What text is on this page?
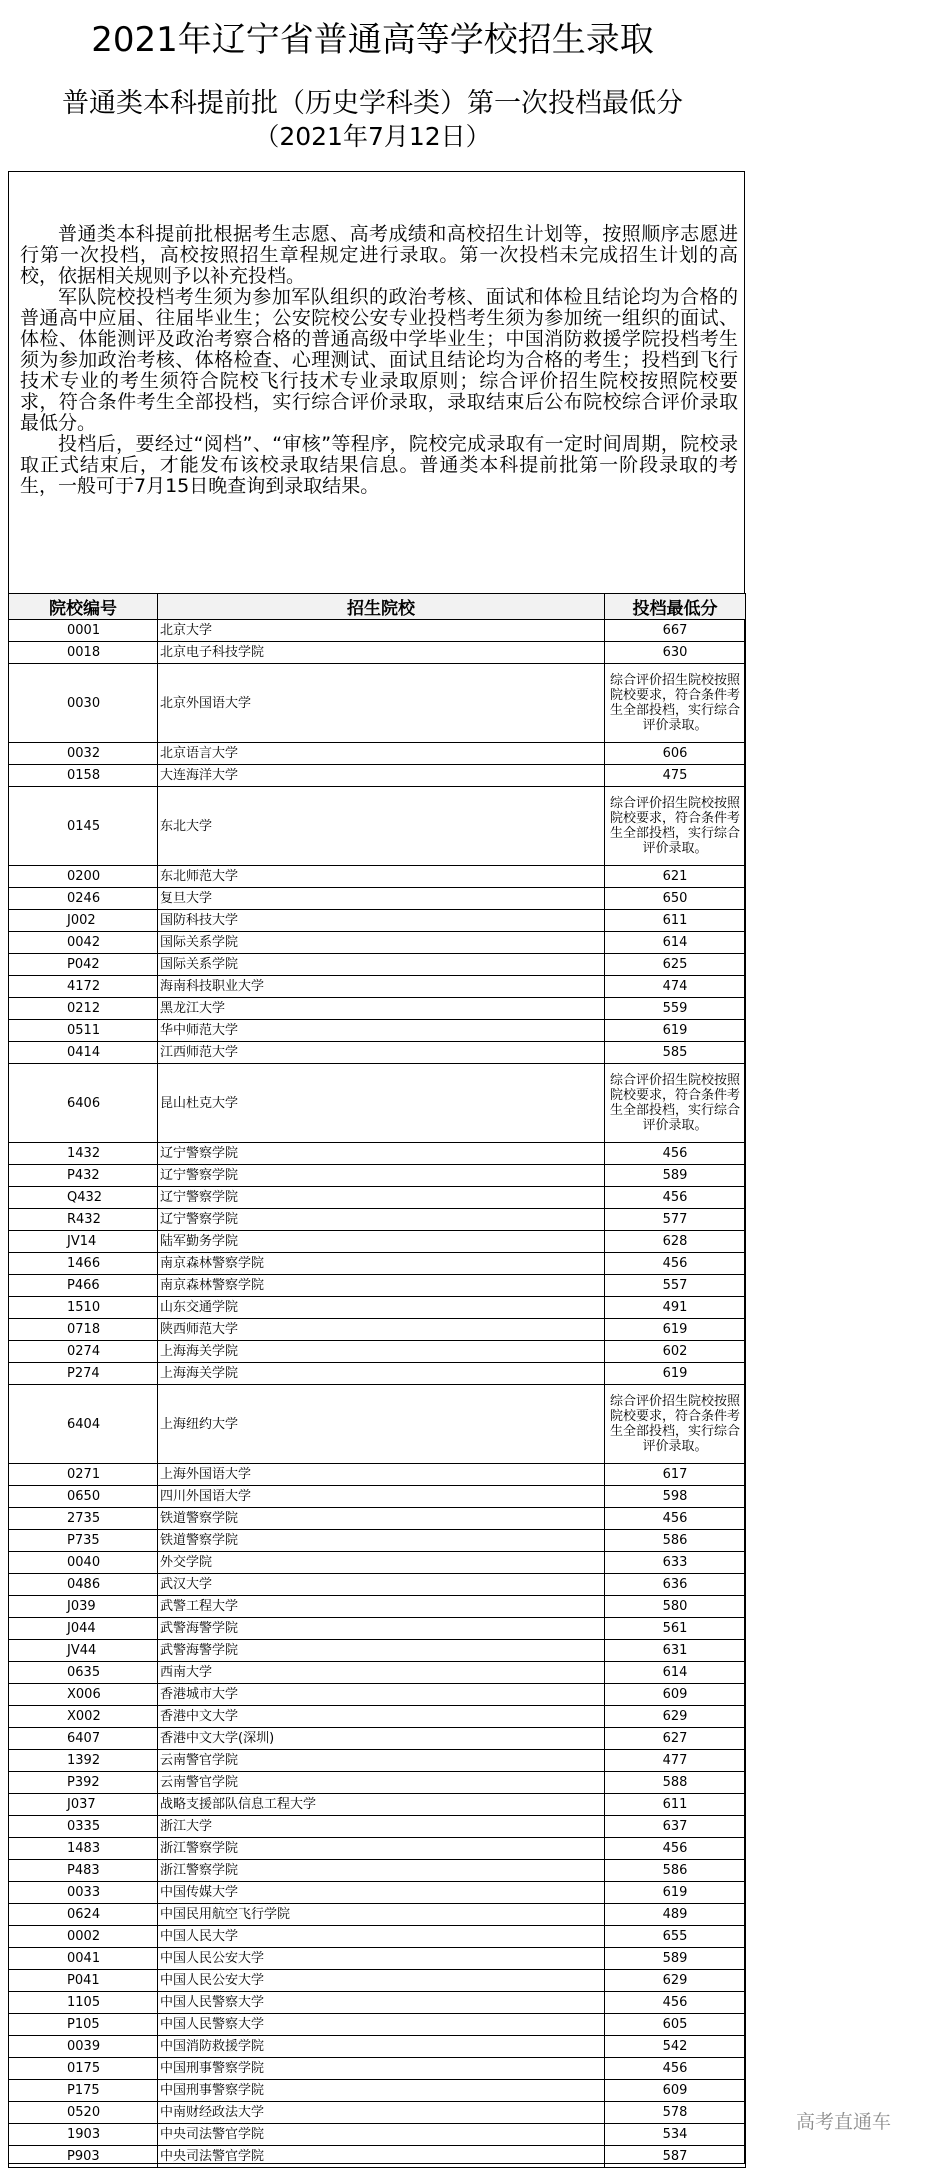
2021年辽宁省普通高等学校招生录取
普通类本科提前批（历史学科类）第一次投档最低分
（2021年7月12日）

普通类本科提前批根据考生志愿、高考成绩和高校招生计划等，按照顺序志愿进行第一次投档，高校按照招生章程规定进行录取。第一次投档未完成招生计划的高校，依据相关规则予以补充投档。

军队院校投档考生须为参加军队组织的政治考核、面试和体检且结论均为合格的普通高中应届、往届毕业生；公安院校公安专业投档考生须为参加统一组织的面试、体检、体能测评及政治考察合格的普通高级中学毕业生；中国消防救援学院投档考生须为参加政治考核、体格检查、心理测试、面试且结论均为合格的考生；投档到飞行技术专业的考生须符合院校飞行技术专业录取原则；综合评价招生院校按照院校要求，符合条件考生全部投档，实行综合评价录取，录取结束后公布院校综合评价录取最低分。

投档后，要经过“阅档”、“审核”等程序，院校完成录取有一定时间周期，院校录取正式结束后，才能发布该校录取结果信息。普通类本科提前批第一阶段录取的考生，一般可于7月15日晚查询到录取结果。

院校编号	招生院校	投档最低分
0001	北京大学	667
0018	北京电子科技学院	630
0030	北京外国语大学	综合评价招生院校按照院校要求，符合条件考生全部投档，实行综合评价录取。
0032	北京语言大学	606
0158	大连海洋大学	475
0145	东北大学	综合评价招生院校按照院校要求，符合条件考生全部投档，实行综合评价录取。
0200	东北师范大学	621
0246	复旦大学	650
J002	国防科技大学	611
0042	国际关系学院	614
P042	国际关系学院	625
4172	海南科技职业大学	474
0212	黑龙江大学	559
0511	华中师范大学	619
0414	江西师范大学	585
6406	昆山杜克大学	综合评价招生院校按照院校要求，符合条件考生全部投档，实行综合评价录取。
1432	辽宁警察学院	456
P432	辽宁警察学院	589
Q432	辽宁警察学院	456
R432	辽宁警察学院	577
JV14	陆军勤务学院	628
1466	南京森林警察学院	456
P466	南京森林警察学院	557
1510	山东交通学院	491
0718	陕西师范大学	619
0274	上海海关学院	602
P274	上海海关学院	619
6404	上海纽约大学	综合评价招生院校按照院校要求，符合条件考生全部投档，实行综合评价录取。
0271	上海外国语大学	617
0650	四川外国语大学	598
2735	铁道警察学院	456
P735	铁道警察学院	586
0040	外交学院	633
0486	武汉大学	636
J039	武警工程大学	580
J044	武警海警学院	561
JV44	武警海警学院	631
0635	西南大学	614
X006	香港城市大学	609
X002	香港中文大学	629
6407	香港中文大学(深圳)	627
1392	云南警官学院	477
P392	云南警官学院	588
J037	战略支援部队信息工程大学	611
0335	浙江大学	637
1483	浙江警察学院	456
P483	浙江警察学院	586
0033	中国传媒大学	619
0624	中国民用航空飞行学院	489
0002	中国人民大学	655
0041	中国人民公安大学	589
P041	中国人民公安大学	629
1105	中国人民警察大学	456
P105	中国人民警察大学	605
0039	中国消防救援学院	542
0175	中国刑事警察学院	456
P175	中国刑事警察学院	609
0520	中南财经政法大学	578
1903	中央司法警官学院	534
P903	中央司法警官学院	587
高考直通车
